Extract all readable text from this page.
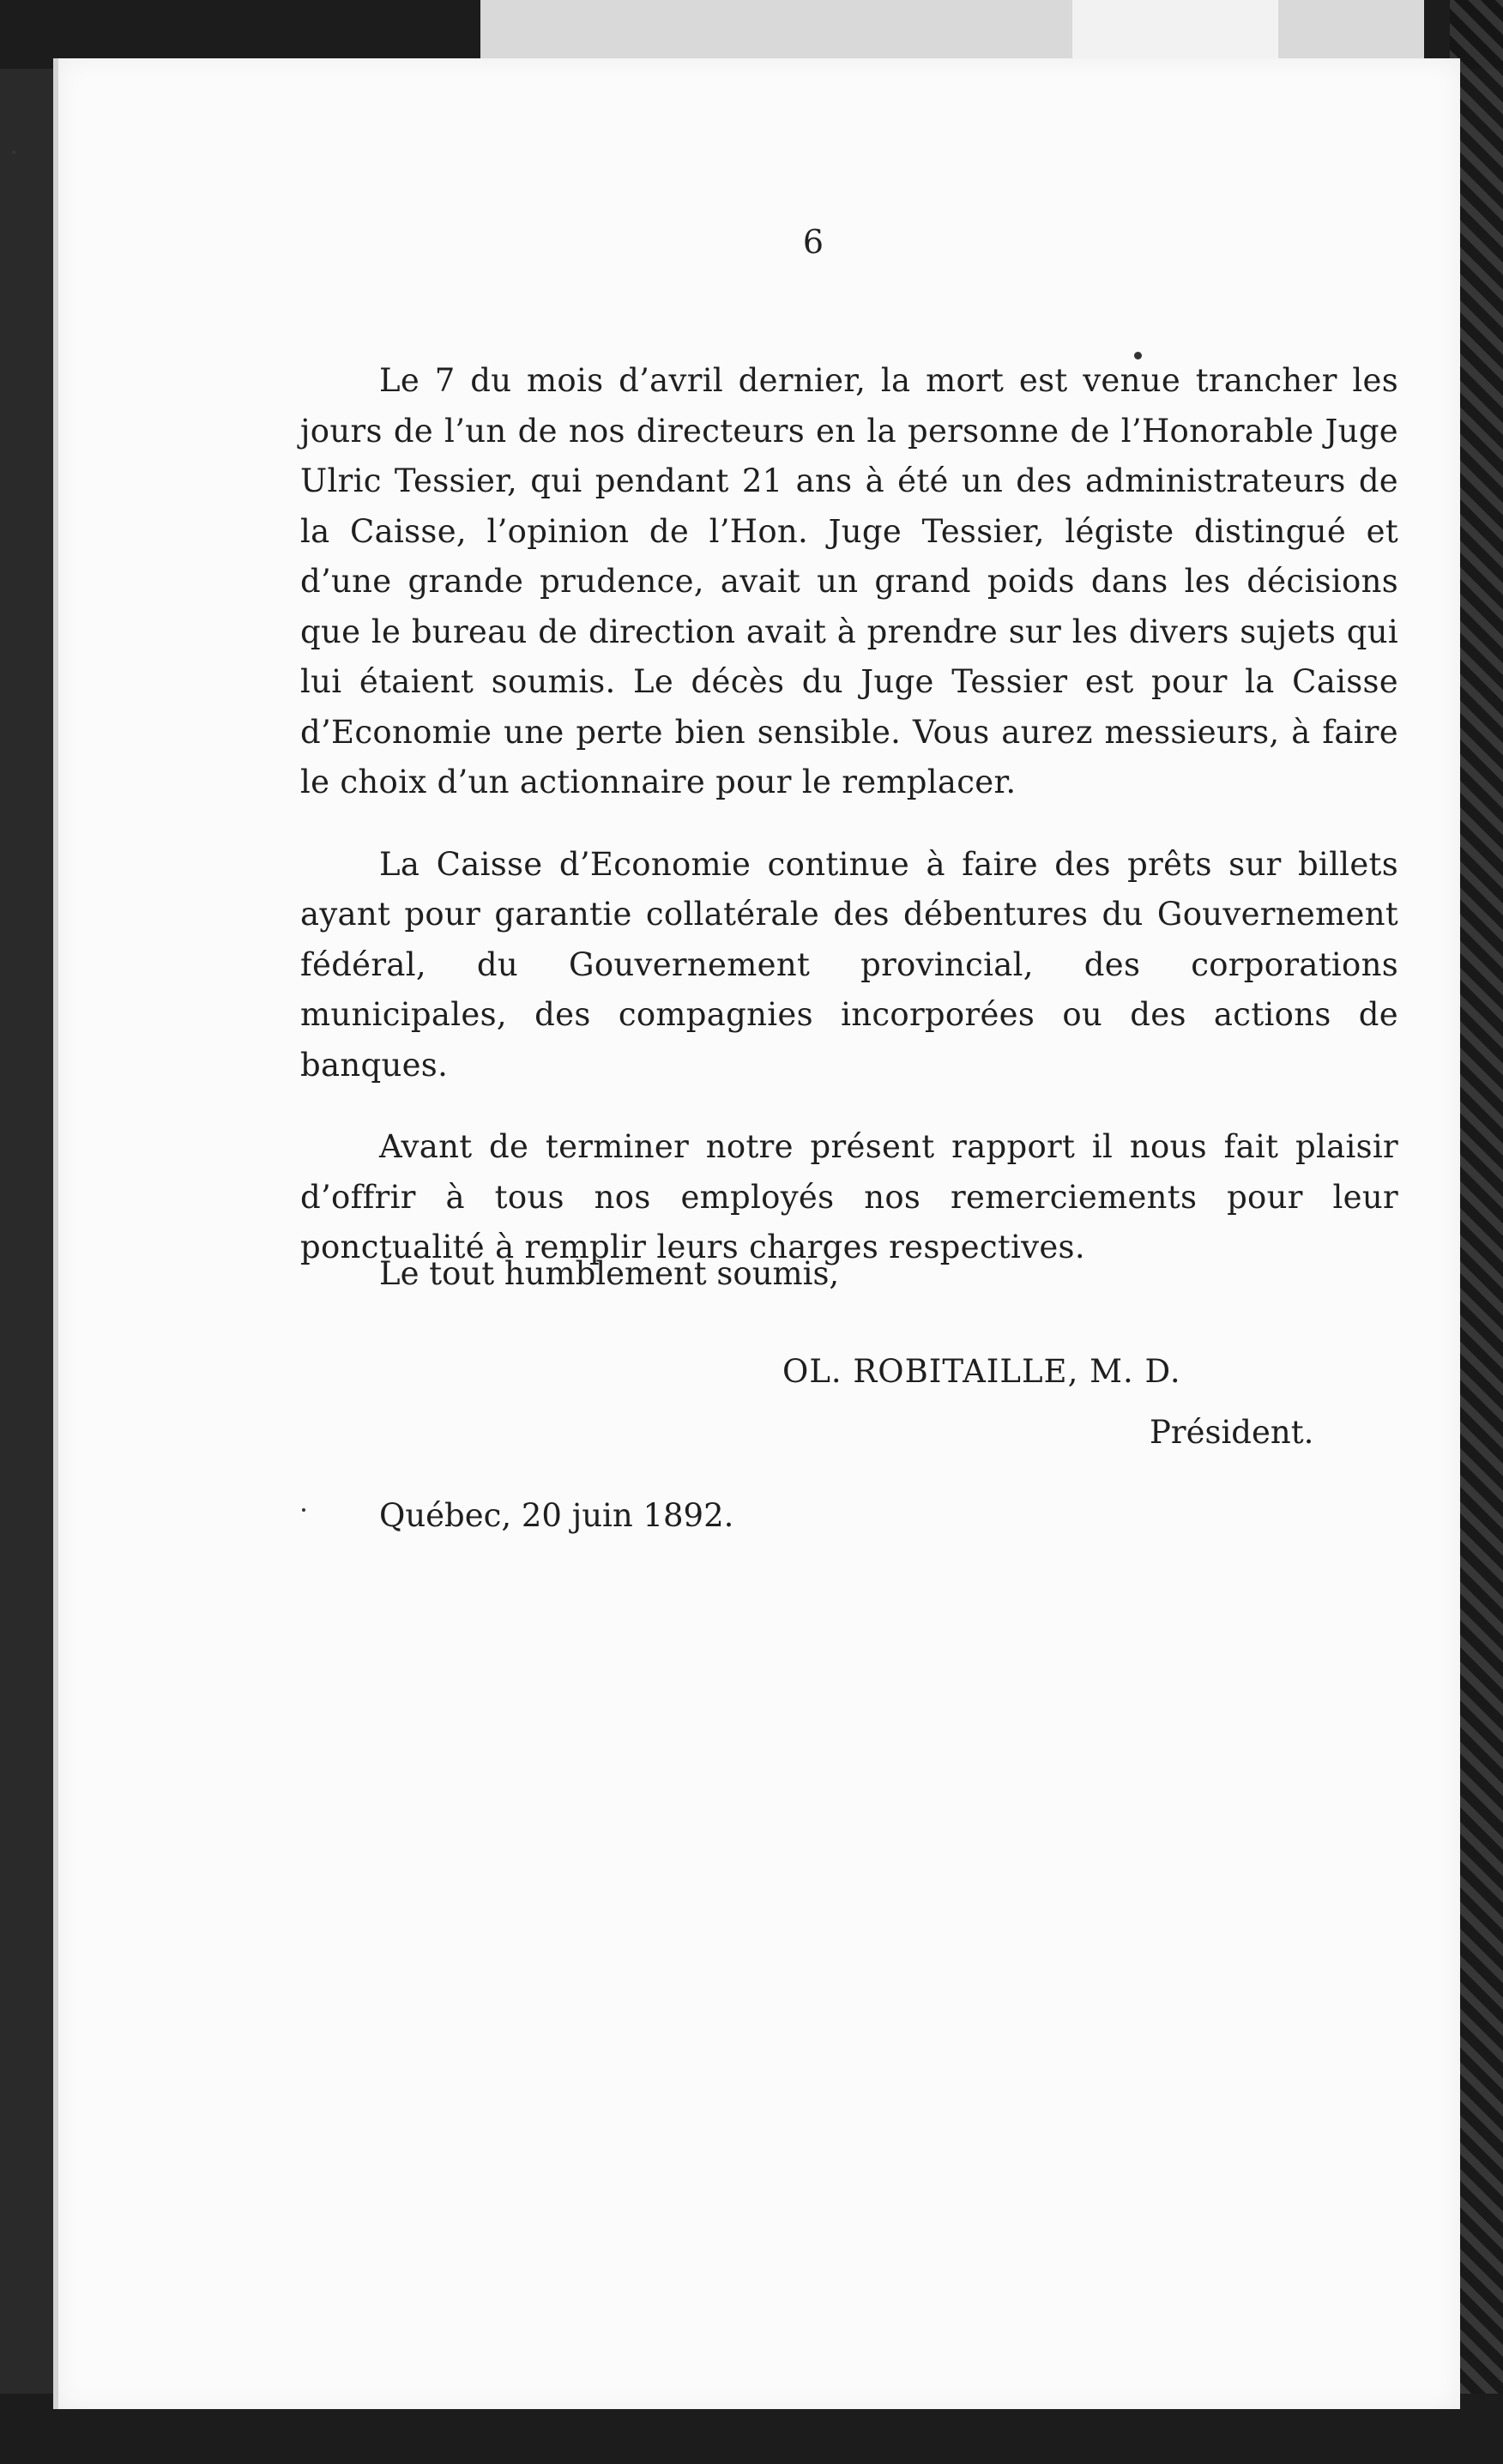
6

Le 7 du mois d’avril dernier, la mort est venue trancher les jours de l’un de nos directeurs en la personne de l’Honorable Juge Ulric Tessier, qui pendant 21 ans à été un des administrateurs de la Caisse, l’opinion de l’Hon. Juge Tessier, légiste distingué et d’une grande prudence, avait un grand poids dans les décisions que le bureau de direction avait à prendre sur les divers sujets qui lui étaient soumis. Le décès du Juge Tessier est pour la Caisse d’Economie une perte bien sensible. Vous aurez messieurs, à faire le choix d’un actionnaire pour le remplacer.

La Caisse d’Economie continue à faire des prêts sur billets ayant pour garantie collatérale des débentures du Gouvernement fédéral, du Gouvernement provincial, des corporations municipales, des compagnies incorporées ou des actions de banques.

Avant de terminer notre présent rapport il nous fait plaisir d’offrir à tous nos employés nos remerciements pour leur ponctualité à remplir leurs charges respectives.

Le tout humblement soumis,
OL. ROBITAILLE, M. D.
Président.
Québec, 20 juin 1892.
